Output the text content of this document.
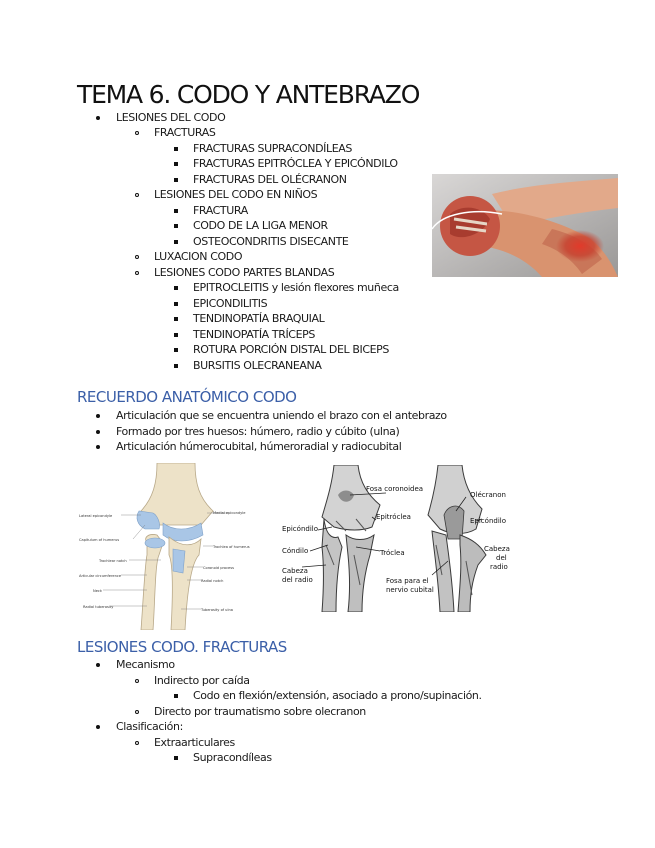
TEMA 6. CODO Y ANTEBRAZO
LESIONES DEL CODO
FRACTURAS
FRACTURAS SUPRACONDÍLEAS
FRACTURAS EPITRÓCLEA Y EPICÓNDILO
FRACTURAS DEL OLÉCRANON
LESIONES DEL CODO EN NIÑOS
FRACTURA
CODO DE LA LIGA MENOR
OSTEOCONDRITIS DISECANTE
LUXACION CODO
LESIONES CODO PARTES BLANDAS
EPITROCLEITIS y lesión flexores muñeca
EPICONDILITIS
TENDINOPATÍA BRAQUIAL
TENDINOPATÍA TRÍCEPS
ROTURA PORCIÓN DISTAL DEL BICEPS
BURSITIS OLECRANEANA
RECUERDO ANATÓMICO CODO
Articulación que se encuentra uniendo el brazo con el antebrazo
Formado por tres huesos: húmero, radio y cúbito (ulna)
Articulación húmerocubital, húmeroradial y radiocubital
Lateral epicondyle
Capitulum of humerus
Trochlear notch
Articular circumference
Neck
Radial tuberosity
Medial epicondyle
Trochlea of humerus
Coronoid process
Radial notch
Tuberosity of ulna
Fosa coronoidea
Olécranon
Epitróclea
Epicóndilo
Epicóndilo
Cóndilo	Tróclea
Cabeza
del radio
Cabeza
del
radio
Fosa para el
nervio cubital
LESIONES CODO. FRACTURAS
Mecanismo
Indirecto por caída
Codo en flexión/extensión, asociado a prono/supinación.
Directo por traumatismo sobre olecranon
Clasificación:
Extraarticulares
Supracondíleas
